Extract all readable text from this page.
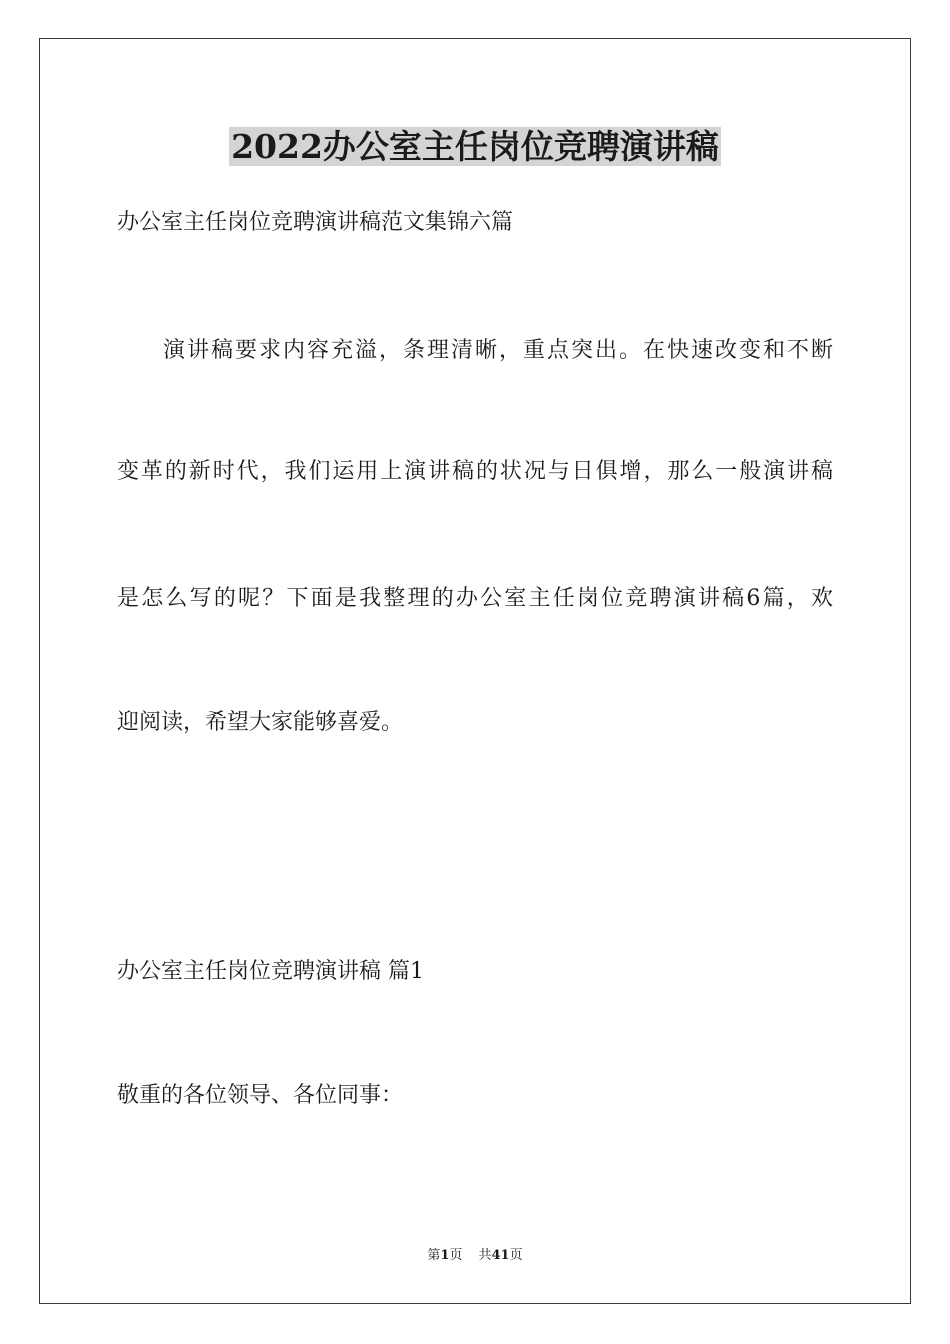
2022办公室主任岗位竞聘演讲稿

办公室主任岗位竞聘演讲稿范文集锦六篇

演讲稿要求内容充溢，条理清晰，重点突出。在快速改变和不断

变革的新时代，我们运用上演讲稿的状况与日俱增，那么一般演讲稿

是怎么写的呢？下面是我整理的办公室主任岗位竞聘演讲稿6篇，欢

迎阅读，希望大家能够喜爱。

办公室主任岗位竞聘演讲稿 篇1

敬重的各位领导、各位同事：

第1页 共41页
